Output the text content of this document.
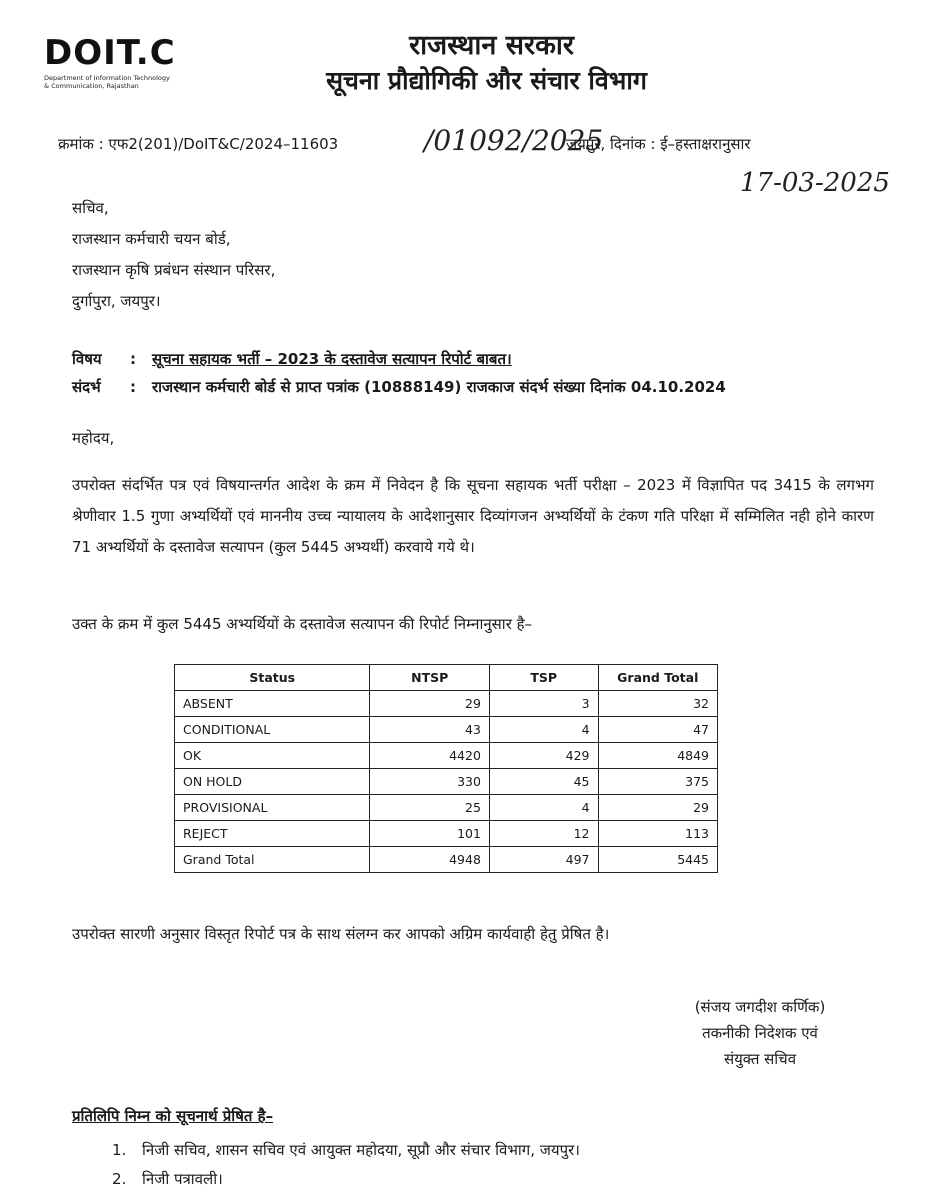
DOIT.C
Department of Information Technology
& Communication, Rajasthan
राजस्थान सरकार
सूचना प्रौद्योगिकी और संचार विभाग
क्रमांक : एफ2(201)/DoIT&C/2024–11603	/01092/2025
जयपुर, दिनांक : ई–हस्ताक्षरानुसार
17-03-2025
सचिव,
राजस्थान कर्मचारी चयन बोर्ड,
राजस्थान कृषि प्रबंधन संस्थान परिसर,
दुर्गापुरा, जयपुर।
विषय : सूचना सहायक भर्ती – 2023 के दस्तावेज सत्यापन रिपोर्ट बाबत।
संदर्भ : राजस्थान कर्मचारी बोर्ड से प्राप्त पत्रांक (10888149) राजकाज संदर्भ संख्या दिनांक 04.10.2024
महोदय,
उपरोक्त संदर्भित पत्र एवं विषयान्तर्गत आदेश के क्रम में निवेदन है कि सूचना सहायक भर्ती परीक्षा – 2023 में विज्ञापित पद 3415 के लगभग श्रेणीवार 1.5 गुणा अभ्यर्थियों एवं माननीय उच्च न्यायालय के आदेशानुसार दिव्यांगजन अभ्यर्थियों के टंकण गति परिक्षा में सम्मिलित नही होने कारण 71 अभ्यर्थियों के दस्तावेज सत्यापन (कुल 5445 अभ्यर्थी) करवाये गये थे।
उक्त के क्रम में कुल 5445 अभ्यर्थियों के दस्तावेज सत्यापन की रिपोर्ट निम्नानुसार है–
Status	NTSP	TSP	Grand Total
ABSENT	29	3	32
CONDITIONAL	43	4	47
OK	4420	429	4849
ON HOLD	330	45	375
PROVISIONAL	25	4	29
REJECT	101	12	113
Grand Total	4948	497	5445
उपरोक्त सारणी अनुसार विस्तृत रिपोर्ट पत्र के साथ संलग्न कर आपको अग्रिम कार्यवाही हेतु प्रेषित है।
(संजय जगदीश कर्णिक)
तकनीकी निदेशक एवं
संयुक्त सचिव
प्रतिलिपि निम्न को सूचनार्थ प्रेषित है–
1. निजी सचिव, शासन सचिव एवं आयुक्त महोदया, सूप्रौ और संचार विभाग, जयपुर।
2. निजी पत्रावली।
